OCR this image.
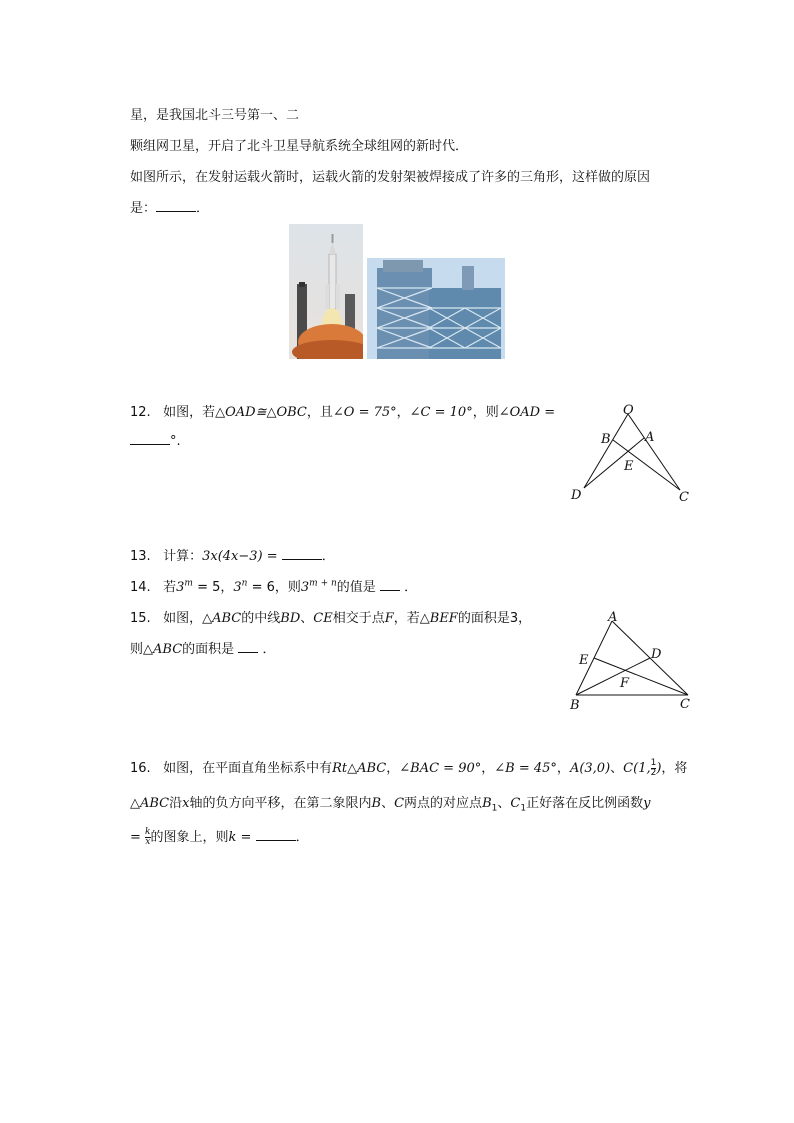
星，是我国北斗三号第一、二
颗组网卫星，开启了北斗卫星导航系统全球组网的新时代．
如图所示，在发射运载火箭时，运载火箭的发射架被焊接成了许多的三角形，这样做的原因
是：	．
12. 如图，若△OAD≅△OBC，且∠O = 75°，∠C = 10°，则∠OAD =
°.
O
B	A
E
D	C
13. 计算：3x(4x−3) =	．
14. 若$3^m = 5$，$3^n = 6$，则$3^{m + n}$的值是 ．
15. 如图，△ABC的中线BD、CE相交于点F，若△BEF的面积是3，
则△ABC的面积是 ．
A
E	D
F
B	C
16. 如图，在平面直角坐标系中有Rt△ABC，∠BAC = 90°，∠B = 45°，A(3,0)、C(1, $\frac{1}{2}$ )，将
△ABC沿x轴的负方向平移，在第二象限内B、C两点的对应点$B_1$、$C_1$正好落在反比例函数y
= $\frac{k}{x}$ 的图象上，则k =	．
